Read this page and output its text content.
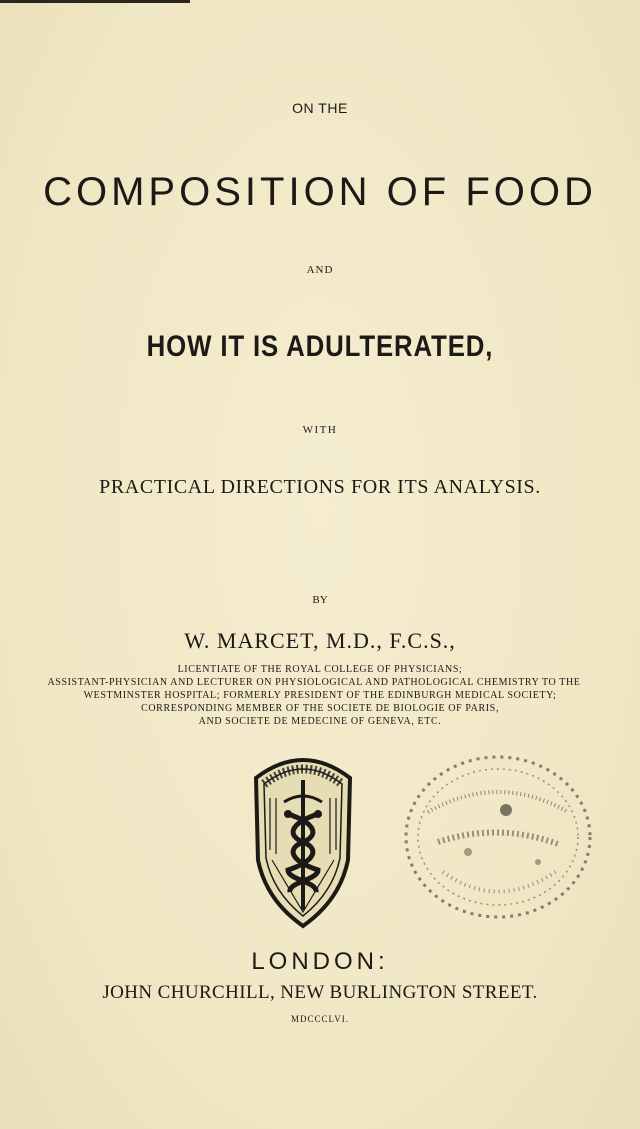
ON THE
COMPOSITION OF FOOD
AND
HOW IT IS ADULTERATED,
WITH
PRACTICAL DIRECTIONS FOR ITS ANALYSIS.
BY
W. MARCET, M.D., F.C.S.,
LICENTIATE OF THE ROYAL COLLEGE OF PHYSICIANS;
ASSISTANT-PHYSICIAN AND LECTURER ON PHYSIOLOGICAL AND PATHOLOGICAL CHEMISTRY TO THE
WESTMINSTER HOSPITAL; FORMERLY PRESIDENT OF THE EDINBURGH MEDICAL SOCIETY;
CORRESPONDING MEMBER OF THE SOCIETE DE BIOLOGIE OF PARIS,
AND SOCIETE DE MEDECINE OF GENEVA, ETC.
LONDON:
JOHN CHURCHILL, NEW BURLINGTON STREET.
MDCCCLVI.
